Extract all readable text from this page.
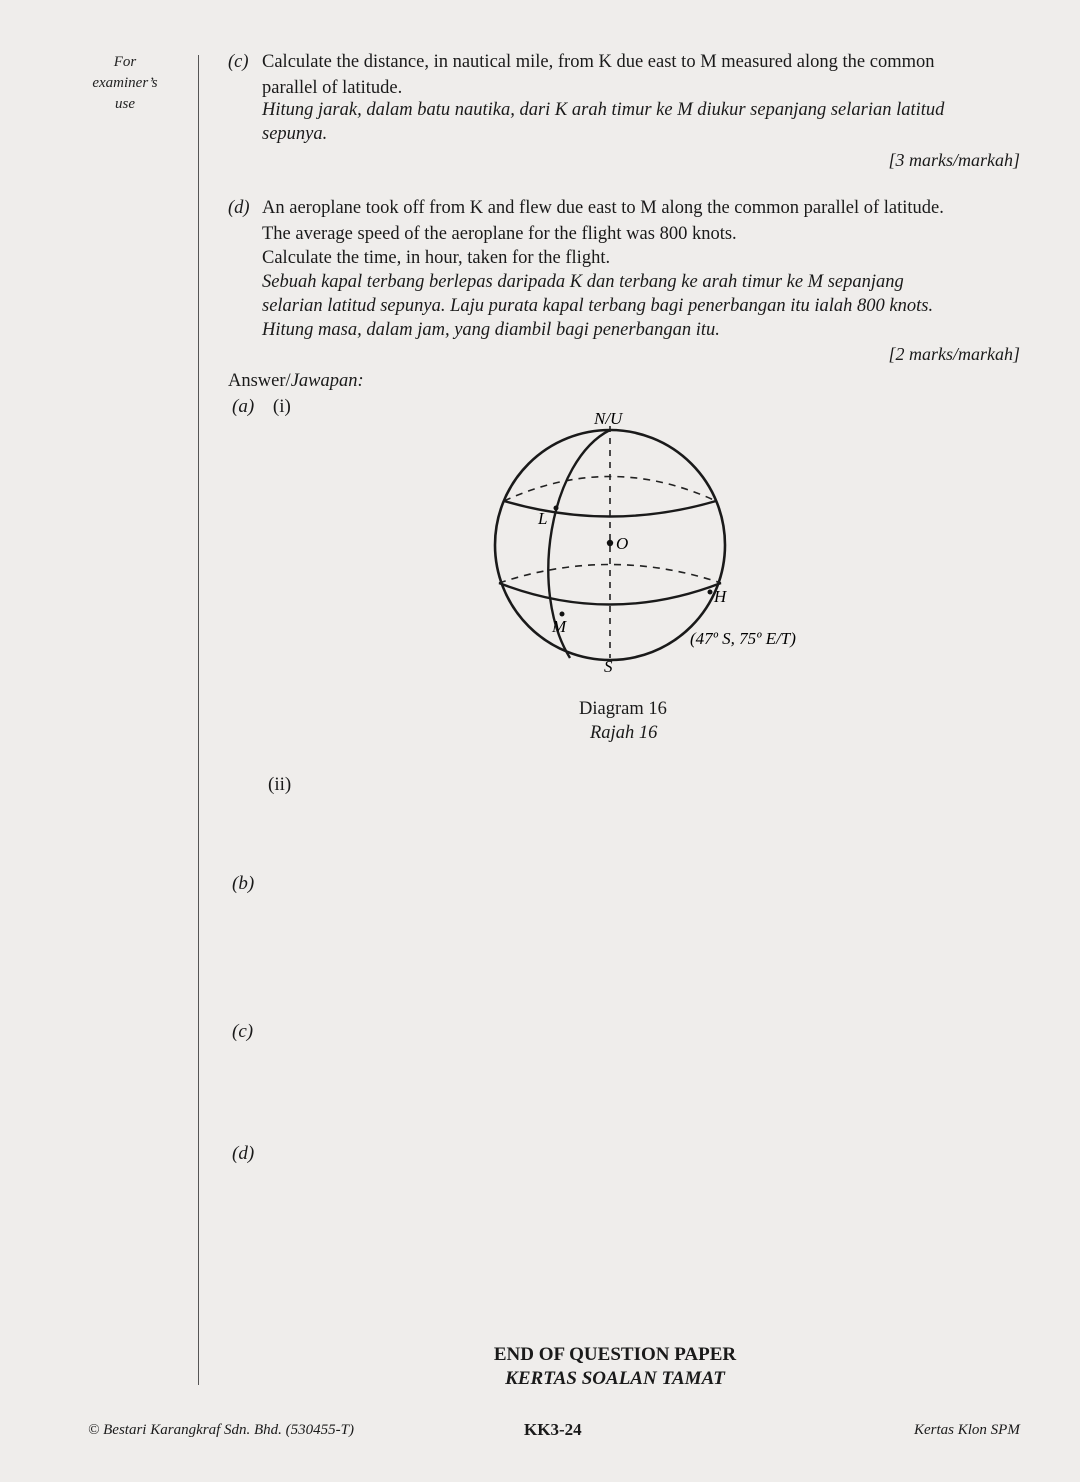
For
examiner’s
use
(c) Calculate the distance, in nautical mile, from K due east to M measured along the common
parallel of latitude.
Hitung jarak, dalam batu nautika, dari K arah timur ke M diukur sepanjang selarian latitud
sepunya.
[3 marks/markah]
(d) An aeroplane took off from K and flew due east to M along the common parallel of latitude.
The average speed of the aeroplane for the flight was 800 knots.
Calculate the time, in hour, taken for the flight.
Sebuah kapal terbang berlepas daripada K dan terbang ke arah timur ke M sepanjang
selarian latitud sepunya. Laju purata kapal terbang bagi penerbangan itu ialah 800 knots.
Hitung masa, dalam jam, yang diambil bagi penerbangan itu.
[2 marks/markah]
Answer/Jawapan:
(a) (i)
N/U
L
O
H
M
(47º S, 75º E/T)
S
Diagram 16
Rajah 16
(ii)
(b)
(c)
(d)
END OF QUESTION PAPER
KERTAS SOALAN TAMAT
© Bestari Karangkraf Sdn. Bhd. (530455-T)	KK3-24	Kertas Klon SPM
